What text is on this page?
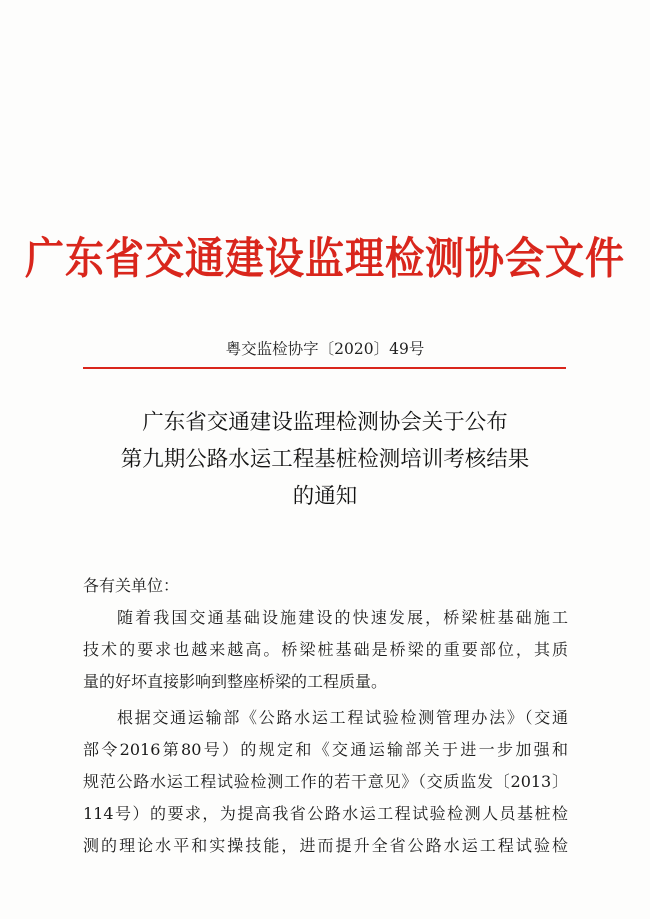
广东省交通建设监理检测协会文件
粤交监检协字〔2020〕49号
广东省交通建设监理检测协会关于公布
第九期公路水运工程基桩检测培训考核结果
的通知
各有关单位：
随着我国交通基础设施建设的快速发展，桥梁桩基础施工
技术的要求也越来越高。桥梁桩基础是桥梁的重要部位，其质
量的好坏直接影响到整座桥梁的工程质量。
根据交通运输部《公路水运工程试验检测管理办法》（交通
部令2016第80号）的规定和《交通运输部关于进一步加强和
规范公路水运工程试验检测工作的若干意见》（交质监发〔2013〕
114号）的要求，为提高我省公路水运工程试验检测人员基桩检
测的理论水平和实操技能，进而提升全省公路水运工程试验检
